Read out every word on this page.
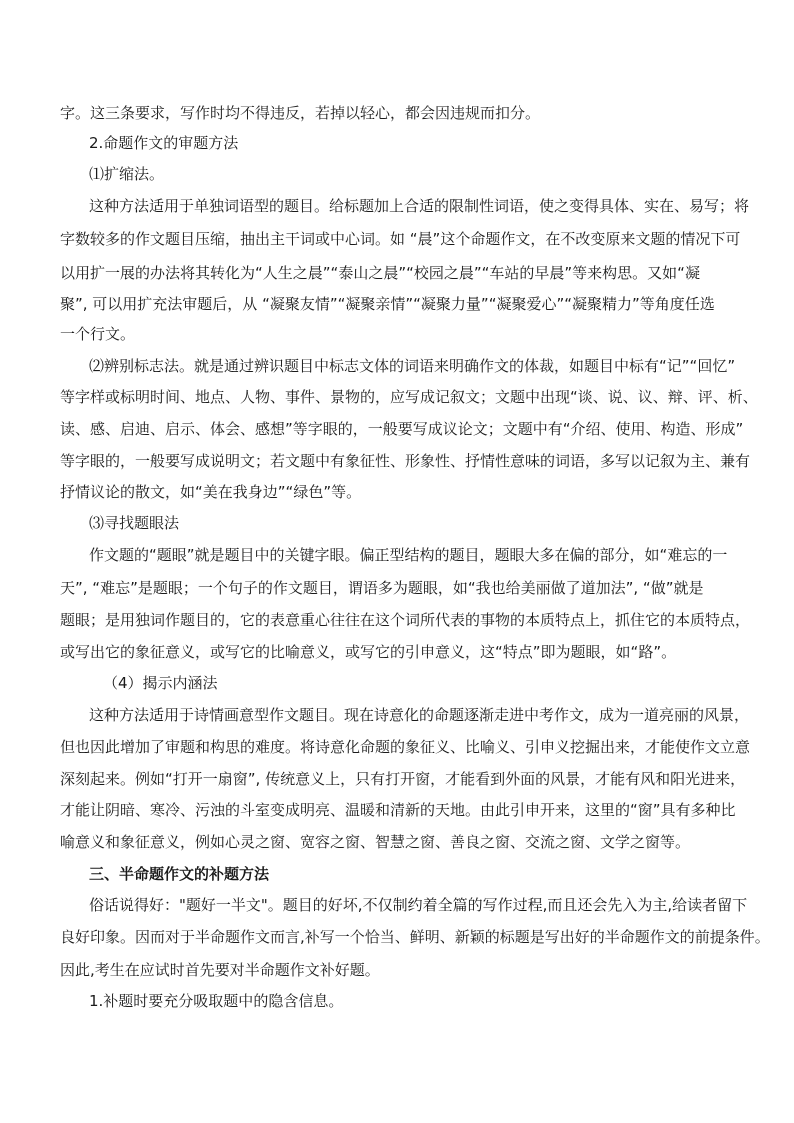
字。这三条要求，写作时均不得违反，若掉以轻心，都会因违规而扣分。
2.命题作文的审题方法
⑴扩缩法。
这种方法适用于单独词语型的题目。给标题加上合适的限制性词语，使之变得具体、实在、易写；将
字数较多的作文题目压缩，抽出主干词或中心词。如 “晨”这个命题作文，在不改变原来文题的情况下可
以用扩一展的办法将其转化为“人生之晨”“泰山之晨”“校园之晨”“车站的早晨”等来构思。又如“凝
聚”, 可以用扩充法审题后，从 “凝聚友情”“凝聚亲情”“凝聚力量”“凝聚爱心”“凝聚精力”等角度任选
一个行文。
⑵辨别标志法。就是通过辨识题目中标志文体的词语来明确作文的体裁，如题目中标有“记”“回忆”
等字样或标明时间、地点、人物、事件、景物的，应写成记叙文；文题中出现“谈、说、议、辩、评、析、
读、感、启迪、启示、体会、感想”等字眼的，一般要写成议论文；文题中有“介绍、使用、构造、形成”
等字眼的，一般要写成说明文；若文题中有象征性、形象性、抒情性意味的词语，多写以记叙为主、兼有
抒情议论的散文，如“美在我身边”“绿色”等。
⑶寻找题眼法
作文题的“题眼”就是题目中的关键字眼。偏正型结构的题目，题眼大多在偏的部分，如“难忘的一
天”, “难忘”是题眼；一个句子的作文题目，谓语多为题眼，如“我也给美丽做了道加法”, “做”就是
题眼；是用独词作题目的，它的表意重心往往在这个词所代表的事物的本质特点上，抓住它的本质特点，
或写出它的象征意义，或写它的比喻意义，或写它的引申意义，这“特点”即为题眼，如“路”。
（4）揭示内涵法
这种方法适用于诗情画意型作文题目。现在诗意化的命题逐渐走进中考作文，成为一道亮丽的风景，
但也因此增加了审题和构思的难度。将诗意化命题的象征义、比喻义、引申义挖掘出来，才能使作文立意
深刻起来。例如“打开一扇窗”, 传统意义上，只有打开窗，才能看到外面的风景，才能有风和阳光进来，
才能让阴暗、寒冷、污浊的斗室变成明亮、温暖和清新的天地。由此引申开来，这里的“窗”具有多种比
喻意义和象征意义，例如心灵之窗、宽容之窗、智慧之窗、善良之窗、交流之窗、文学之窗等。
三、半命题作文的补题方法
俗话说得好："题好一半文"。题目的好坏,不仅制约着全篇的写作过程,而且还会先入为主,给读者留下
良好印象。因而对于半命题作文而言,补写一个恰当、鲜明、新颖的标题是写出好的半命题作文的前提条件。
因此,考生在应试时首先要对半命题作文补好题。
1.补题时要充分吸取题中的隐含信息。
